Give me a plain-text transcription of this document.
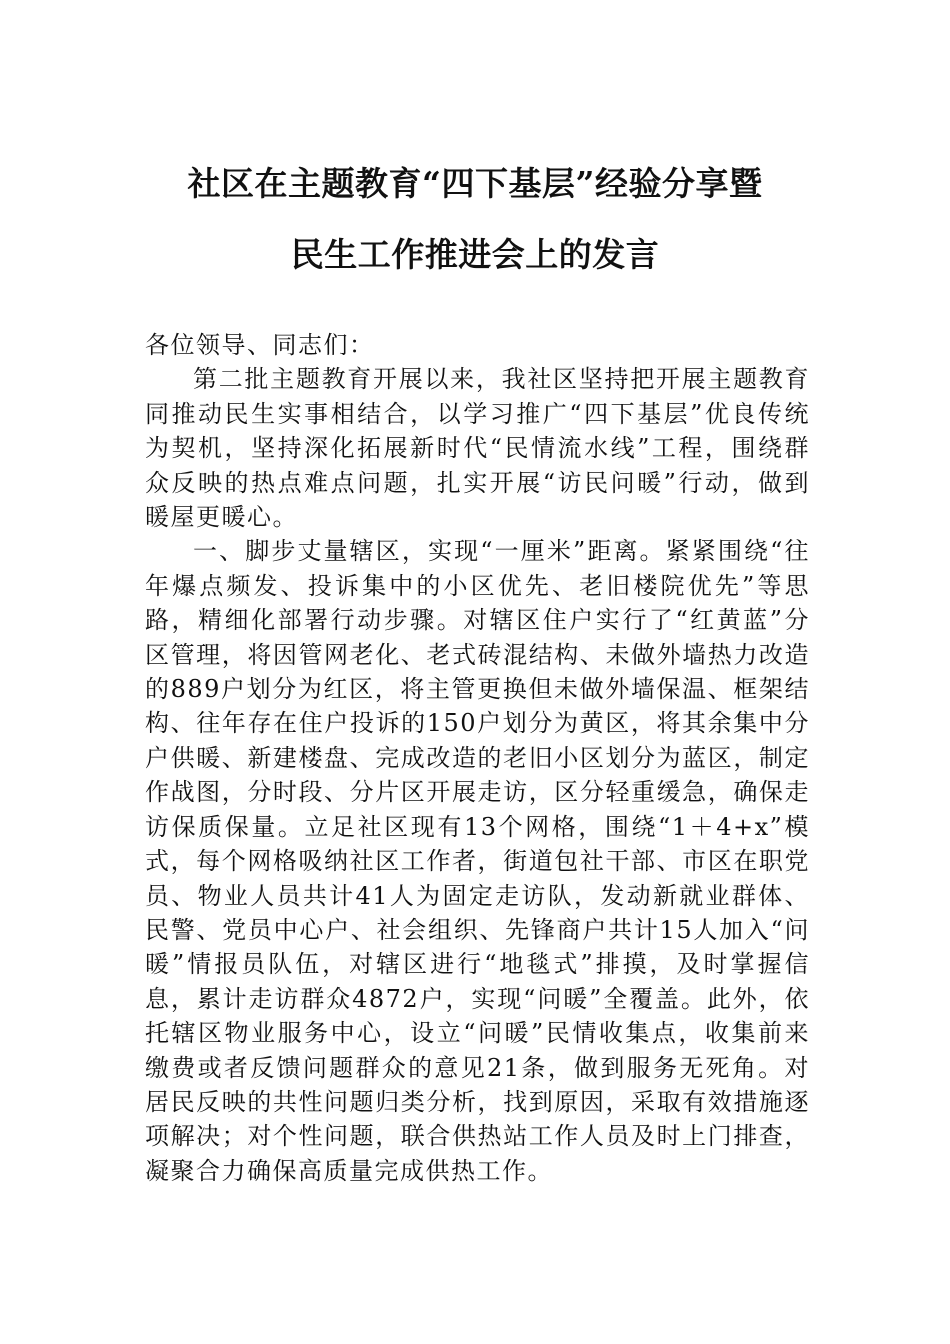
社区在主题教育“四下基层”经验分享暨
民生工作推进会上的发言

各位领导、同志们：

第二批主题教育开展以来，我社区坚持把开展主题教育同推动民生实事相结合，以学习推广“四下基层”优良传统为契机，坚持深化拓展新时代“民情流水线”工程，围绕群众反映的热点难点问题，扎实开展“访民问暖”行动，做到暖屋更暖心。

一、脚步丈量辖区，实现“一厘米”距离。紧紧围绕“往年爆点频发、投诉集中的小区优先、老旧楼院优先”等思路，精细化部署行动步骤。对辖区住户实行了“红黄蓝”分区管理，将因管网老化、老式砖混结构、未做外墙热力改造的889户划分为红区，将主管更换但未做外墙保温、框架结构、往年存在住户投诉的150户划分为黄区，将其余集中分户供暖、新建楼盘、完成改造的老旧小区划分为蓝区，制定作战图，分时段、分片区开展走访，区分轻重缓急，确保走访保质保量。立足社区现有13个网格，围绕“1＋4+x”模式，每个网格吸纳社区工作者，街道包社干部、市区在职党员、物业人员共计41人为固定走访队，发动新就业群体、民警、党员中心户、社会组织、先锋商户共计15人加入“问暖”情报员队伍，对辖区进行“地毯式”排摸，及时掌握信息，累计走访群众4872户，实现“问暖”全覆盖。此外，依托辖区物业服务中心，设立“问暖”民情收集点，收集前来缴费或者反馈问题群众的意见21条，做到服务无死角。对居民反映的共性问题归类分析，找到原因，采取有效措施逐项解决；对个性问题，联合供热站工作人员及时上门排查，凝聚合力确保高质量完成供热工作。
